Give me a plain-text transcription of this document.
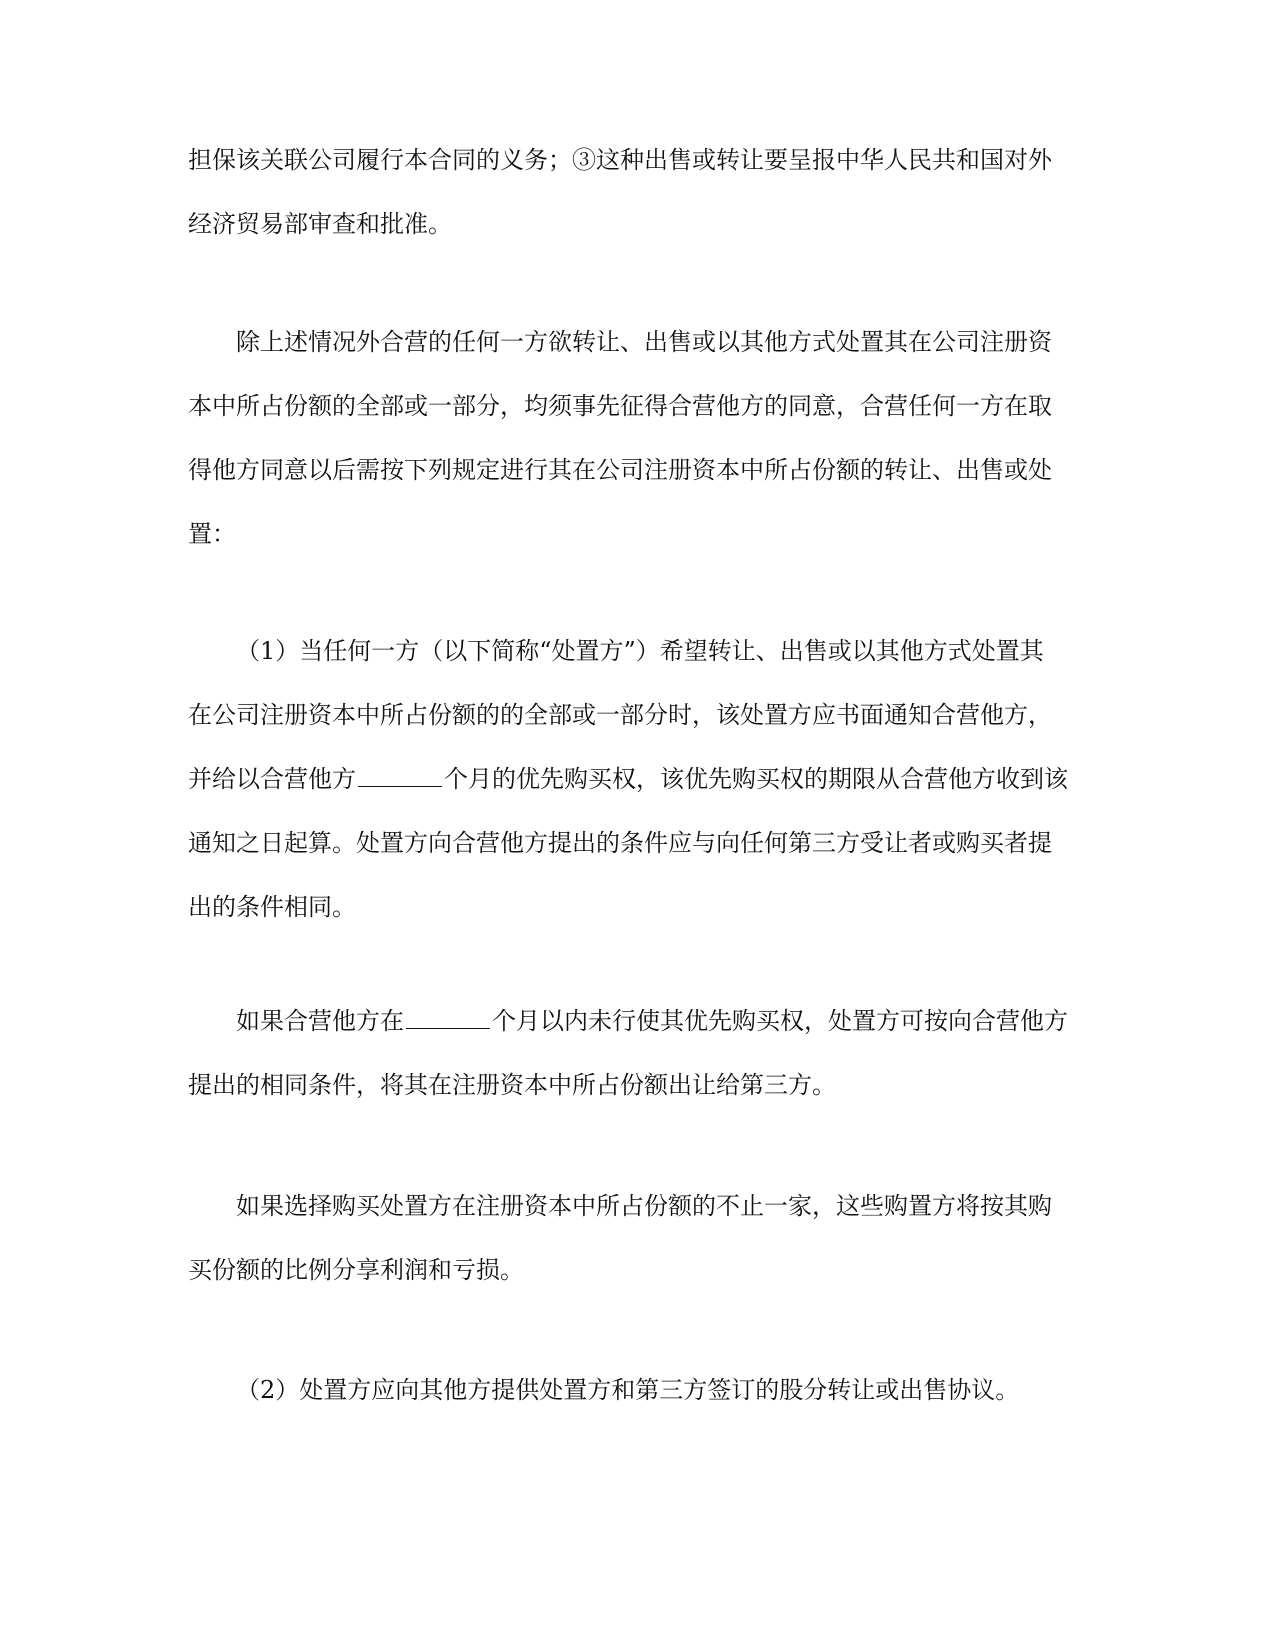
担保该关联公司履行本合同的义务；③这种出售或转让要呈报中华人民共和国对外
经济贸易部审查和批准。
除上述情况外合营的任何一方欲转让、出售或以其他方式处置其在公司注册资
本中所占份额的全部或一部分，均须事先征得合营他方的同意，合营任何一方在取
得他方同意以后需按下列规定进行其在公司注册资本中所占份额的转让、出售或处
置：
（1）当任何一方（以下简称“处置方”）希望转让、出售或以其他方式处置其
在公司注册资本中所占份额的的全部或一部分时，该处置方应书面通知合营他方，
并给以合营他方	个月的优先购买权，该优先购买权的期限从合营他方收到该
通知之日起算。处置方向合营他方提出的条件应与向任何第三方受让者或购买者提
出的条件相同。
如果合营他方在	个月以内未行使其优先购买权，处置方可按向合营他方
提出的相同条件，将其在注册资本中所占份额出让给第三方。
如果选择购买处置方在注册资本中所占份额的不止一家，这些购置方将按其购
买份额的比例分享利润和亏损。
（2）处置方应向其他方提供处置方和第三方签订的股分转让或出售协议。
